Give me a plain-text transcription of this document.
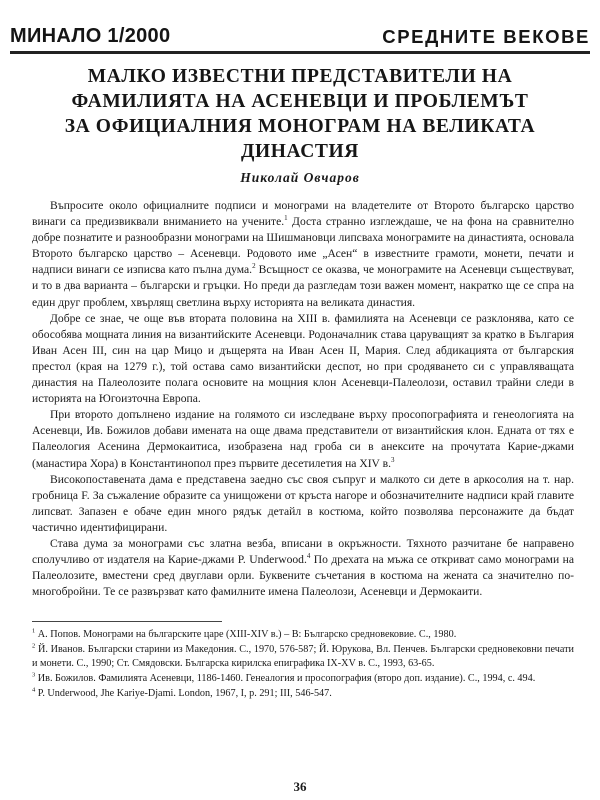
МИНАЛО 1/2000	СРЕДНИТЕ ВЕКОВЕ
МАЛКО ИЗВЕСТНИ ПРЕДСТАВИТЕЛИ НА
ФАМИЛИЯТА НА АСЕНЕВЦИ И ПРОБЛЕМЪТ
ЗА ОФИЦИАЛНИЯ МОНОГРАМ НА ВЕЛИКАТА
ДИНАСТИЯ
Николай Овчаров

Въпросите около официалните подписи и монограми на владетелите от Второто българско царство винаги са предизвиквали вниманието на учените.$^1$ Доста странно изглеждаше, че на фона на сравнително добре познатите и разнообразни монограми на Шишмановци липсваха монограмите на династията, основала Второто българско царство – Асеневци. Родовото име „Асен“ в известните грамоти, монети, печати и надписи винаги се изписва като пълна дума.$^2$ Всъщност се оказва, че монограмите на Асеневци съществуват, и то в два варианта – български и гръцки. Но преди да разгледам този важен момент, накратко ще се спра на един друг проблем, хвърлящ светлина върху историята на великата династия.

Добре се знае, че още във втората половина на XIII в. фамилията на Асеневци се разклонява, като се обособява мощната линия на византийските Асеневци. Родоначалник става царуващият за кратко в България Иван Асен III, син на цар Мицо и дъщерята на Иван Асен II, Мария. След абдикацията от българския престол (края на 1279 г.), той остава само византийски деспот, но при сродяването си с управляващата династия на Палеолозите полага основите на мощния клон Асеневци-Палеолози, оставил трайни следи в историята на Югоизточна Европа.

При второто допълнено издание на голямото си изследване върху просопографията и генеологията на Асеневци, Ив. Божилов добави имената на още двама представители от византийския клон. Едната от тях е Палеология Асенина Дермокаитиса, изобразена над гроба си в анексите на прочутата Карие-джами (манастира Хора) в Константинопол през първите десетилетия на XIV в.$^3$

Високопоставената дама е представена заедно със своя съпруг и малкото си дете в аркосолия на т. нар. гробница F. За съжаление образите са унищожени от кръста нагоре и обозначителните надписи край главите липсват. Запазен е обаче един много рядък детайл в костюма, който позволява персонажите да бъдат частично идентифицирани.

Става дума за монограми със златна везба, вписани в окръжности. Тяхното разчитане бе направено сполучливо от издателя на Карие-джами P. Underwood.$^4$ По дрехата на мъжа се откриват само монограми на Палеолозите, вместени сред двуглави орли. Буквените съчетания в костюма на жената са значително по-многобройни. Те се развързват като фамилните имена Палеолози, Асеневци и Дермокаити.

$^1$ А. Попов. Монограми на българските царе (XIII-XIV в.) – В: Българско средновековие. С., 1980.
$^2$ Й. Иванов. Български старини из Македония. С., 1970, 576-587; Й. Юрукова, Вл. Пенчев. Български средновековни печати и монети. С., 1990; Ст. Смядовски. Българска кирилска епиграфика IX-XV в. С., 1993, 63-65.
$^3$ Ив. Божилов. Фамилията Асеневци, 1186-1460. Генеалогия и просопография (второ доп. издание). С., 1994, с. 494.
$^4$ P. Underwood, Jhe Kariye-Djami. London, 1967, I, p. 291; III, 546-547.
36
